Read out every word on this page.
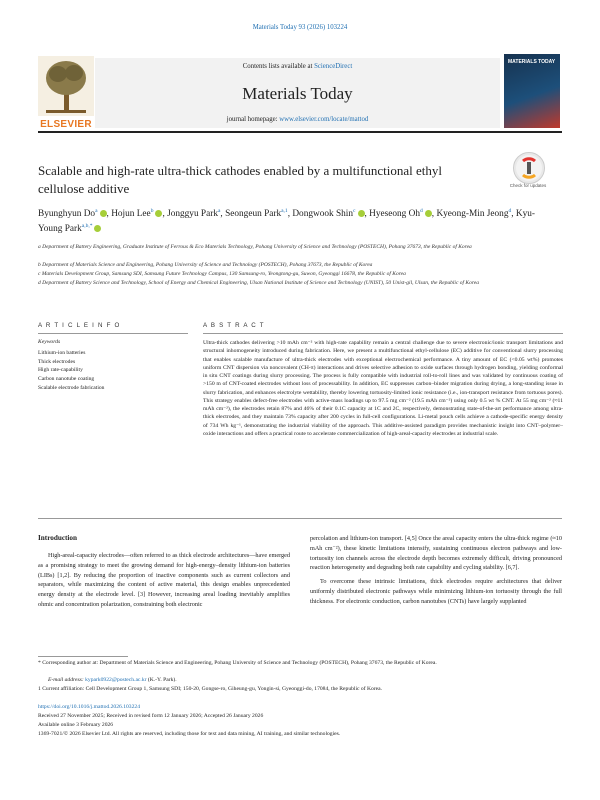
Materials Today 93 (2026) 103224
Contents lists available at ScienceDirect
Materials Today
journal homepage: www.elsevier.com/locate/mattod
ELSEVIER
MATERIALS TODAY
Scalable and high-rate ultra-thick cathodes enabled by a multifunctional ethyl cellulose additive	Check for updates
Byunghyun Do$^a$ , Hojun Lee$^b$ , Jonggyu Park$^a$, Seongeun Park$^{a,1}$, Dongwook Shin$^c$ , Hyeseong Oh$^d$ , Kyeong-Min Jeong$^d$, Kyu-Young Park$^{a,b,*}$
a Department of Battery Engineering, Graduate Institute of Ferrous & Eco Materials Technology, Pohang University of Science and Technology (POSTECH), Pohang 37673, the Republic of Korea
b Department of Materials Science and Engineering, Pohang University of Science and Technology (POSTECH), Pohang 37673, the Republic of Korea
c Materials Development Group, Samsung SDI, Samsung Future Technology Campus, 130 Samsung-ro, Yeongtong-gu, Suwon, Gyeonggi 16678, the Republic of Korea
d Department of Battery Science and Technology, School of Energy and Chemical Engineering, Ulsan National Institute of Science and Technology (UNIST), 50 Unist-gil, Ulsan, the Republic of Korea
A R T I C L E I N F O	A B S T R A C T
Keywords
Lithium-ion batteries
Thick electrodes
High rate-capability
Carbon nanotube coating
Scalable electrode fabrication
Ultra-thick cathodes delivering >10 mAh cm⁻² with high-rate capability remain a central challenge due to severe electronic/ionic transport limitations and structural inhomogeneity introduced during fabrication. Here, we present a multifunctional ethyl-cellulose (EC) additive for conventional slurry processing that enables scalable manufacture of ultra-thick electrodes with exceptional electrochemical performance. A tiny amount of EC (<0.05 wt%) promotes uniform CNT dispersion via noncovalent (CH-π) interactions and drives selective adhesion to oxide surfaces through hydrogen bonding, yielding conformal in situ CNT coatings during slurry processing. The process is fully compatible with industrial roll-to-roll lines and was validated by continuous coating of >150 m of CNT-coated electrodes without loss of processability. In addition, EC suppresses carbon–binder migration during drying, a long-standing issue in slurry fabrication, and enhances electrolyte wettability, thereby lowering tortuosity-limited ionic resistance (i.e., ion-transport resistance from tortuous pores). This strategy enables defect-free electrodes with active-mass loadings up to 97.5 mg cm⁻² (19.5 mAh cm⁻²) using only 0.5 wt % CNT. At 55 mg cm⁻² (≈11 mAh cm⁻²), the electrodes retain 87% and 46% of their 0.1C capacity at 1C and 2C, respectively, demonstrating state-of-the-art performance among ultra-thick electrodes, and they maintain 73% capacity after 200 cycles in full-cell configurations. Li-metal pouch cells achieve a cathode-specific energy density of 734 Wh kg⁻¹, demonstrating the industrial viability of the approach. This additive-assisted paradigm provides mechanistic insight into CNT–polymer–oxide interactions and offers a practical route to accelerate commercialization of high-areal-capacity electrodes at industrial scale.
Introduction

High-areal-capacity electrodes—often referred to as thick electrode architectures—have emerged as a promising strategy to meet the growing demand for high-energy–density lithium-ion batteries (LIBs) [1,2]. By reducing the proportion of inactive components such as current collectors and separators, while maximizing the content of active material, this design enables unprecedented energy density at the electrode level. [3] However, increasing areal loading inevitably amplifies ohmic and concentration polarization, constraining both electronic

percolation and lithium-ion transport. [4,5] Once the areal capacity enters the ultra-thick regime (≈10 mAh cm⁻²), these kinetic limitations intensify, sustaining continuous electron pathways and low-tortuosity ion channels across the electrode depth becomes extremely difficult, driving pronounced reaction heterogeneity and degrading both rate capability and cycling stability. [6,7].

To overcome these intrinsic limitations, thick electrodes require architectures that deliver uniformly distributed electronic pathways while minimizing lithium-ion tortuosity through the full thickness. For electronic conduction, carbon nanotubes (CNTs) have largely supplanted

* Corresponding author at: Department of Materials Science and Engineering, Pohang University of Science and Technology (POSTECH), Pohang 37673, the Republic of Korea.
E-mail address: kypark0922@postech.ac.kr (K.-Y. Park).
1 Current affiliation: Cell Development Group 1, Samsung SDI; 150-20, Gongse-ro, Giheung-gu, Yongin-si, Gyeonggi-do, 17084, the Republic of Korea.
https://doi.org/10.1016/j.mattod.2026.103224
Received 27 November 2025; Received in revised form 12 January 2026; Accepted 26 January 2026
Available online 3 February 2026
1369-7021/© 2026 Elsevier Ltd. All rights are reserved, including those for text and data mining, AI training, and similar technologies.
